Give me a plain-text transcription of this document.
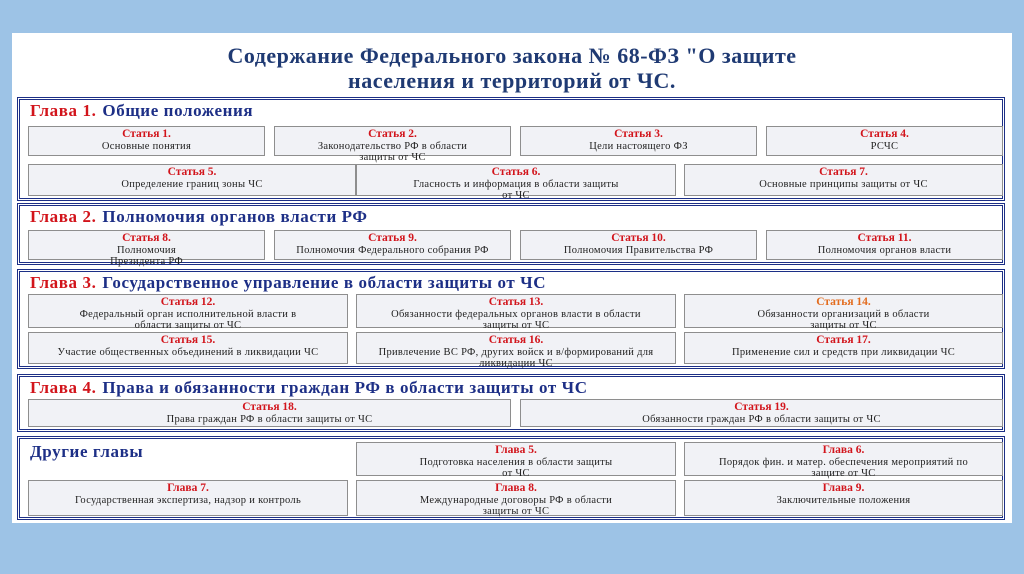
Содержание Федерального закона № 68-ФЗ "О защите
населения и территорий от ЧС.
Глава 1. Общие положения
Статья 1.
Основные понятия
Статья 2.
Законодательство РФ в области защиты от ЧС
Статья 3.
Цели настоящего ФЗ
Статья 4.
РСЧС
Статья 5.
Определение границ зоны ЧС
Статья 6.
Гласность и информация в области защиты от ЧС
Статья 7.
Основные принципы защиты от ЧС
Глава 2. Полномочия органов власти РФ
Статья 8.
Полномочия Президента РФ
Статья 9.
Полномочия Федерального собрания РФ
Статья 10.
Полномочия Правительства РФ
Статья 11.
Полномочия органов власти
Глава 3. Государственное управление в области защиты от ЧС
Статья 12.
Федеральный орган исполнительной власти в области защиты от ЧС
Статья 13.
Обязанности федеральных органов власти в области защиты от ЧС
Статья 14.
Обязанности организаций в области защиты от ЧС
Статья 15.
Участие общественных объединений в ликвидации ЧС
Статья 16.
Привлечение ВС РФ, других войск и в/формирований для ликвидации ЧС
Статья 17.
Применение сил и средств при ликвидации ЧС
Глава 4. Права и обязанности граждан РФ в области защиты от ЧС
Статья 18.
Права граждан РФ в области защиты от ЧС
Статья 19.
Обязанности граждан РФ в области защиты от ЧС
Другие главы	Глава 5.
Подготовка населения в области защиты от ЧС
Глава 6.
Порядок фин. и матер. обеспечения мероприятий по защите от ЧС
Глава 7.
Государственная экспертиза, надзор и контроль
Глава 8.
Международные договоры РФ в области защиты от ЧС
Глава 9.
Заключительные положения
